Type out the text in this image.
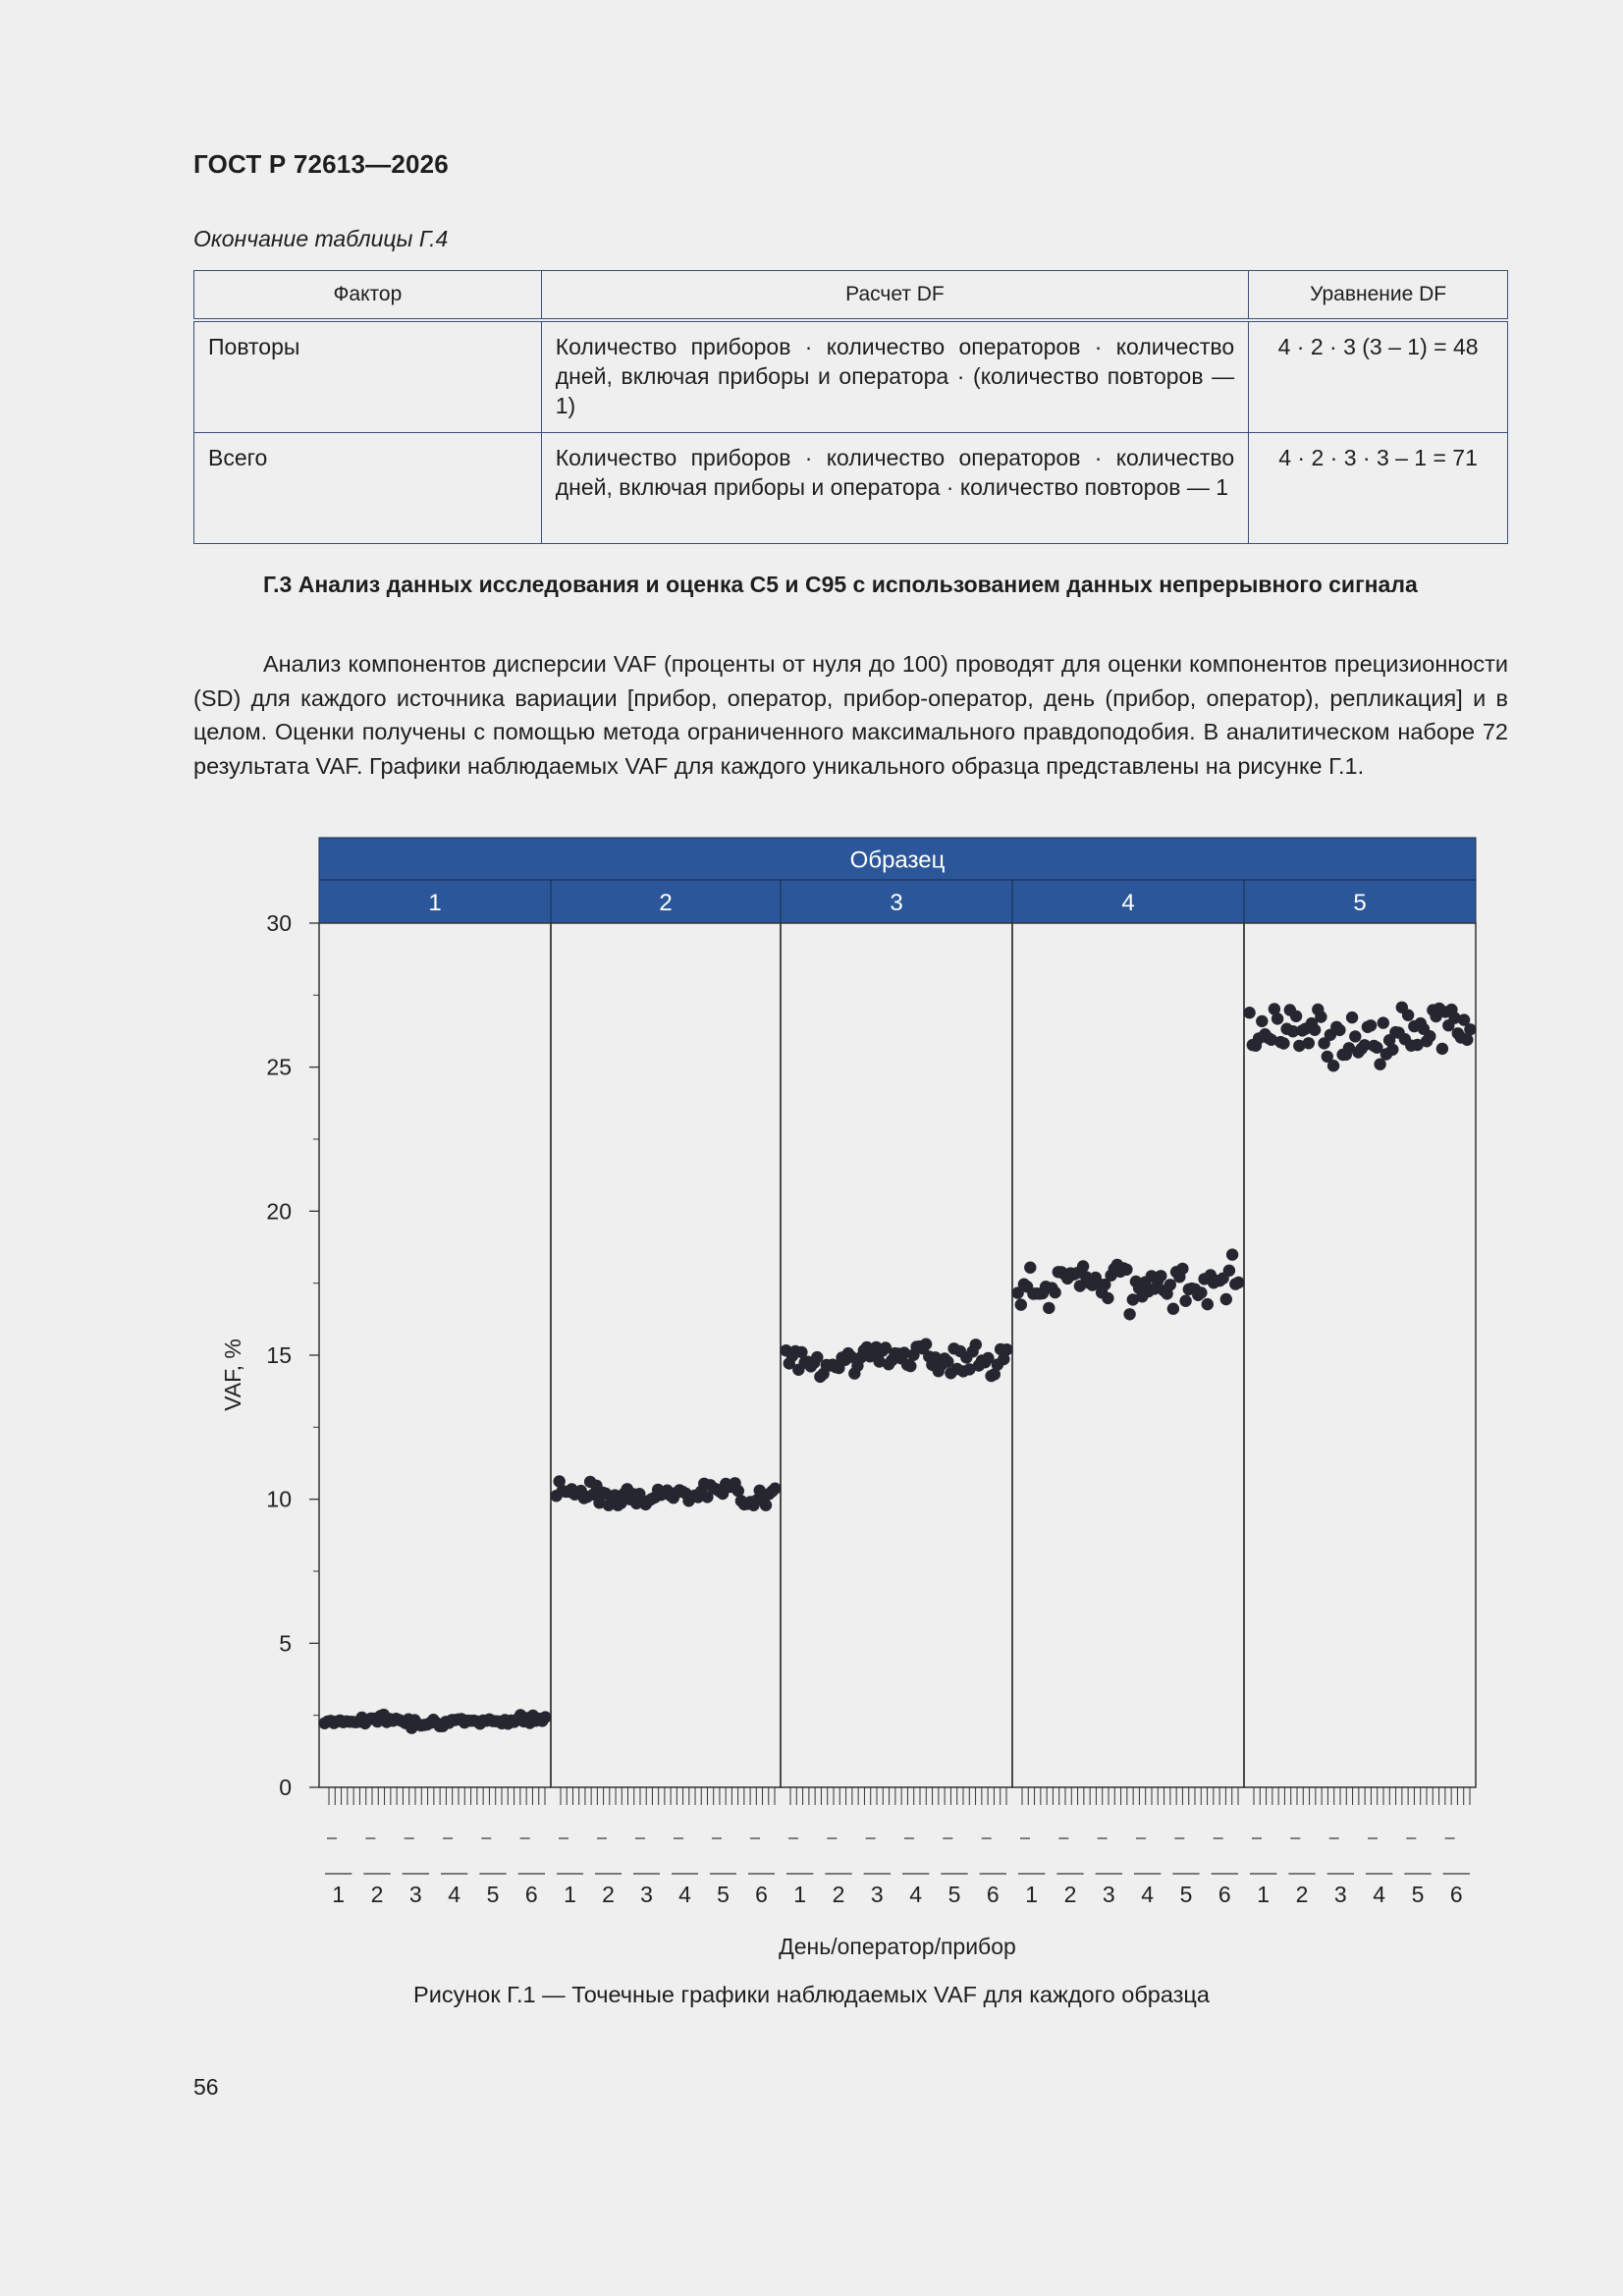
ГОСТ Р 72613—2026
Окончание таблицы Г.4
Фактор	Расчет DF	Уравнение DF
Повторы	Количество приборов · количество операторов · количество дней, включая приборы и оператора · (количество повторов — 1)	4 · 2 · 3 (3 – 1) = 48
Всего	Количество приборов · количество операторов · количество дней, включая приборы и оператора · количество повторов — 1	4 · 2 · 3 · 3 – 1 = 71
Г.3 Анализ данных исследования и оценка C5 и C95 с использованием данных непрерывного сигнала
Анализ компонентов дисперсии VAF (проценты от нуля до 100) проводят для оценки компонентов прецизионности (SD) для каждого источника вариации [прибор, оператор, прибор-оператор, день (прибор, оператор), репликация] и в целом. Оценки получены с помощью метода ограниченного максимального правдоподобия. В аналитическом наборе 72 результата VAF. Графики наблюдаемых VAF для каждого уникального образца представлены на рисунке Г.1.
Образец
1	2	3	4	5
0
5
10
15
20
25
30
VAF, %
1 2 3 4 5 6 1 2 3 4 5 6 1 2 3 4 5 6 1 2 3 4 5 6 1 2 3 4 5 6
День/оператор/прибор
Рисунок Г.1 — Точечные графики наблюдаемых VAF для каждого образца
56
